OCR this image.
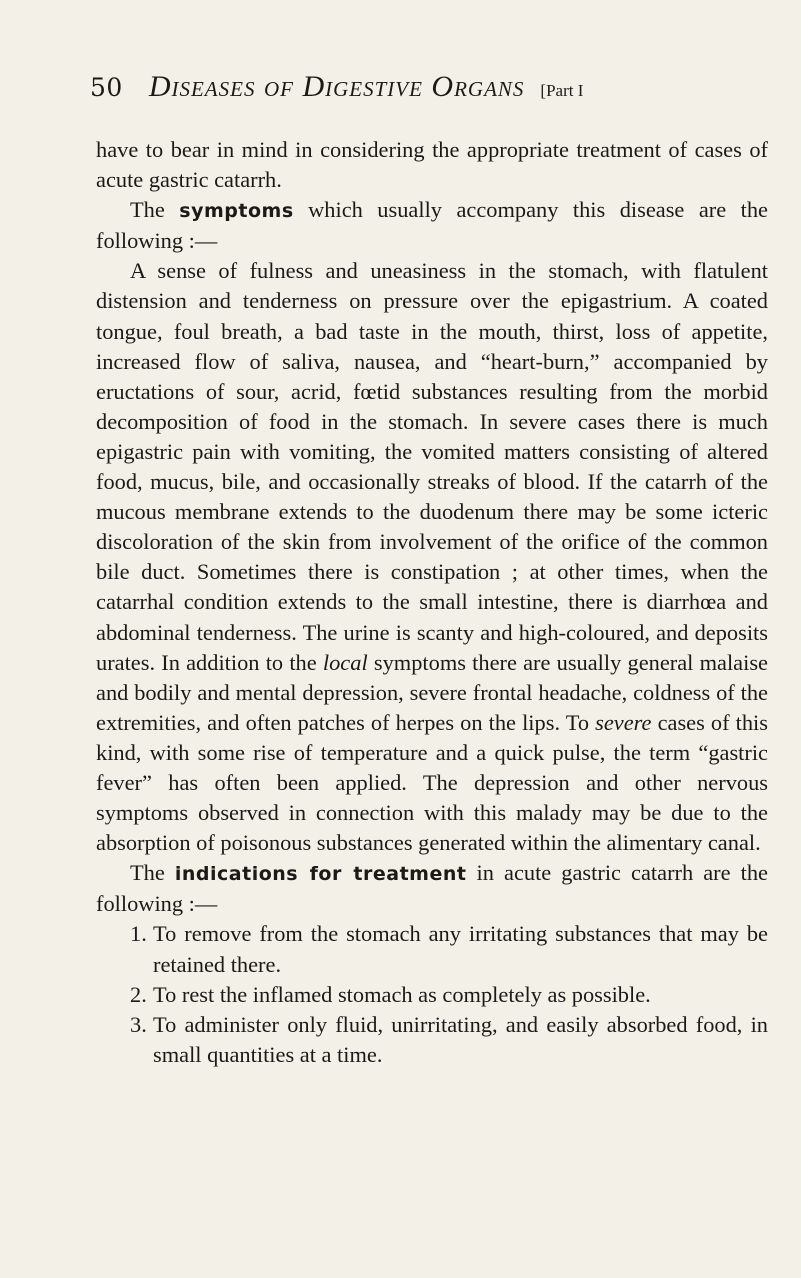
50 Diseases of Digestive Organs [Part I

have to bear in mind in considering the appropriate treatment of cases of acute gastric catarrh.

The symptoms which usually accompany this disease are the following :—

A sense of fulness and uneasiness in the stomach, with flatulent distension and tenderness on pressure over the epigastrium. A coated tongue, foul breath, a bad taste in the mouth, thirst, loss of appetite, increased flow of saliva, nausea, and “heart-burn,” accompanied by eructations of sour, acrid, fœtid substances resulting from the morbid decomposition of food in the stomach. In severe cases there is much epigastric pain with vomiting, the vomited matters consisting of altered food, mucus, bile, and occasionally streaks of blood. If the catarrh of the mucous membrane extends to the duodenum there may be some icteric discoloration of the skin from involvement of the orifice of the common bile duct. Sometimes there is constipation ; at other times, when the catarrhal condition extends to the small intestine, there is diarrhœa and abdominal tenderness. The urine is scanty and high-coloured, and deposits urates. In addition to the local symptoms there are usually general malaise and bodily and mental depression, severe frontal headache, coldness of the extremities, and often patches of herpes on the lips. To severe cases of this kind, with some rise of temperature and a quick pulse, the term “gastric fever” has often been applied. The depression and other nervous symptoms observed in connection with this malady may be due to the absorption of poisonous substances generated within the alimentary canal.

The indications for treatment in acute gastric catarrh are the following :—

1. To remove from the stomach any irritating substances that may be retained there.

2. To rest the inflamed stomach as completely as possible.

3. To administer only fluid, unirritating, and easily absorbed food, in small quantities at a time.
